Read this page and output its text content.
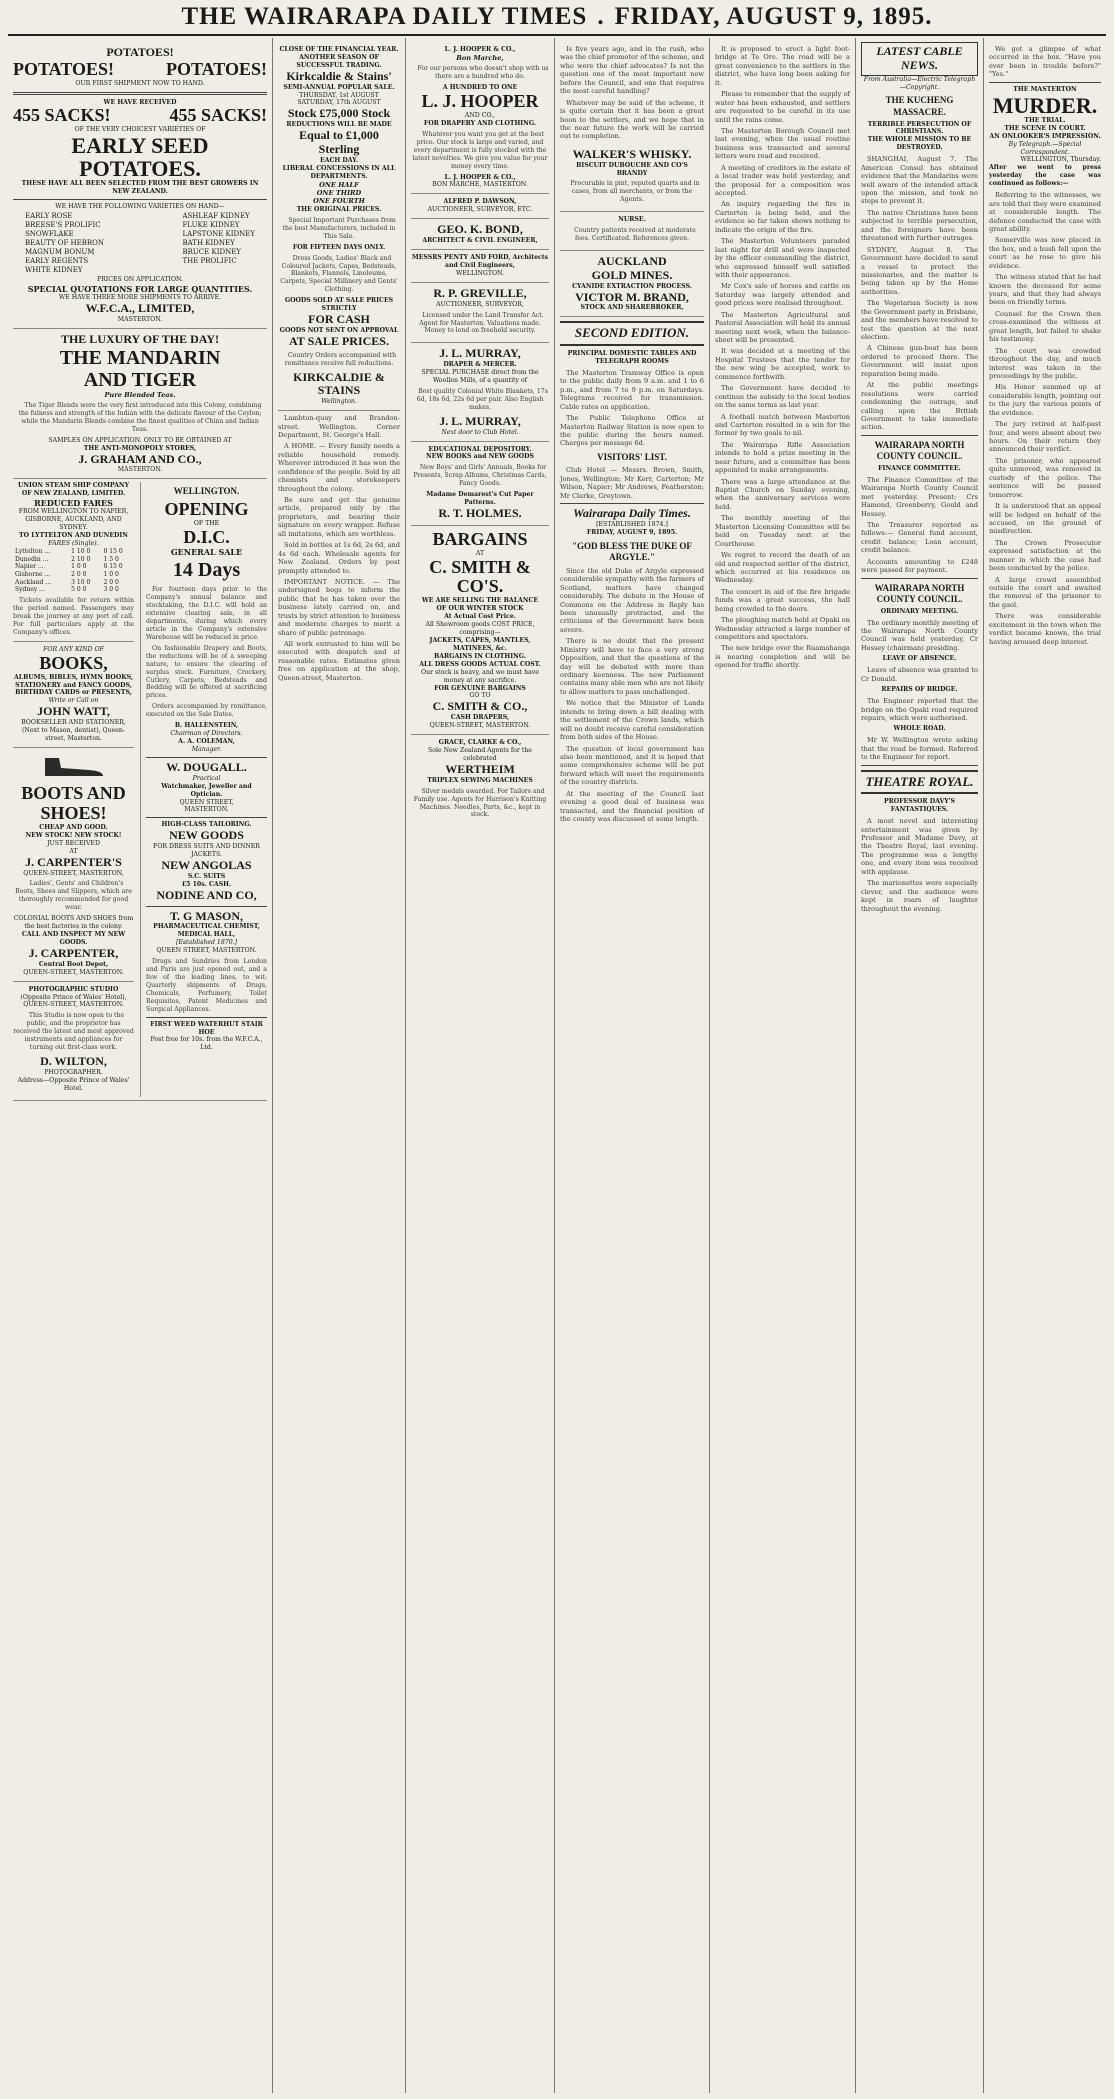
THE WAIRARAPA DAILY TIMES . FRIDAY, AUGUST 9, 1895.
POTATOES!
POTATOES!	POTATOES!
OUR FIRST SHIPMENT NOW TO HAND.
WE HAVE RECEIVED
455 SACKS!	455 SACKS!
OF THE VERY CHOICEST VARIETIES OF
EARLY SEED POTATOES.
THESE HAVE ALL BEEN SELECTED FROM THE BEST GROWERS IN NEW ZEALAND.
WE HAVE THE FOLLOWING VARIETIES ON HAND—
EARLY ROSE
BREESE'S PROLIFIC
SNOWFLAKE
BEAUTY OF HEBRON
MAGNUM BONUM
EARLY REGENTS
WHITE KIDNEY
ASHLEAF KIDNEY
FLUKE KIDNEY
LAPSTONE KIDNEY
BATH KIDNEY
BRUCE KIDNEY
THE PROLIFIC
PRICES ON APPLICATION.
SPECIAL QUOTATIONS FOR LARGE QUANTITIES.
WE HAVE THREE MORE SHIPMENTS TO ARRIVE.
W.F.C.A., LIMITED,
MASTERTON.
THE LUXURY OF THE DAY!
THE MANDARIN
AND TIGER
Pure Blended Teas.

The Tiger Blends were the very first introduced into this Colony, combining the fulness and strength of the Indian with the delicate flavour of the Ceylon; while the Mandarin Blends combine the finest qualities of China and Indian Teas.

SAMPLES ON APPLICATION. ONLY TO BE OBTAINED AT
THE ANTI-MONOPOLY STORES,
J. GRAHAM AND CO.,
MASTERTON.
UNION STEAM SHIP COMPANY OF NEW ZEALAND, LIMITED.
REDUCED FARES
FROM WELLINGTON TO NAPIER, GISBORNE, AUCKLAND, AND SYDNEY.
TO LYTTELTON AND DUNEDIN
FARES (Single).
Lyttelton ...	1 10 0	0 15 0
Dunedin ...	2 10 0	1 5 0
Napier ...	1 0 0	0 15 0
Gisborne ...	2 0 0	1 0 0
Auckland ...	3 10 0	2 0 0
Sydney ...	5 0 0	3 0 0

Tickets available for return within the period named. Passengers may break the journey at any port of call. For full particulars apply at the Company's offices.

FOR ANY KIND OF
BOOKS,
ALBUMS, BIBLES, HYMN BOOKS, STATIONERY and FANCY GOODS, BIRTHDAY CARDS or PRESENTS,
Write or Call on
JOHN WATT,
BOOKSELLER AND STATIONER,
(Next to Mason, dentist), Queen-street, Masterton.
BOOTS AND SHOES!
CHEAP AND GOOD.
NEW STOCK! NEW STOCK!
JUST RECEIVED
AT
J. CARPENTER'S
QUEEN-STREET, MASTERTON,

Ladies', Gents' and Children's Boots, Shoes and Slippers, which are thoroughly recommended for good wear.

COLONIAL BOOTS AND SHOES from the best factories in the colony.
CALL AND INSPECT MY NEW GOODS.
J. CARPENTER,
Central Boot Depot,
QUEEN-STREET, MASTERTON.
PHOTOGRAPHIC STUDIO
(Opposite Prince of Wales' Hotel), QUEEN-STREET, MASTERTON.

This Studio is now open to the public, and the proprietor has received the latest and most approved instruments and appliances for turning out first-class work.

D. WILTON,
PHOTOGRAPHER.
Address—Opposite Prince of Wales' Hotel.
WELLINGTON.
OPENING
OF THE
D.I.C.
GENERAL SALE
14 Days

For fourteen days prior to the Company's annual balance and stocktaking, the D.I.C. will hold an extensive clearing sale, in all departments, during which every article in the Company's extensive Warehouse will be reduced in price.

On fashionable Drapery and Boots, the reductions will be of a sweeping nature, to ensure the clearing of surplus stock. Furniture, Crockery, Cutlery, Carpets, Bedsteads and Bedding will be offered at sacrificing prices.

Orders accompanied by remittance, executed on the Sale Dates.

B. HALLENSTEIN,
Chairman of Directors.
A. A. COLEMAN,
Manager.
W. DOUGALL.
Practical
Watchmaker, Jeweller and Optician.
QUEEN STREET,
MASTERTON.
HIGH-CLASS TAILORING.
NEW GOODS
FOR DRESS SUITS AND DINNER JACKETS.
NEW ANGOLAS
S.C. SUITS
£5 10s. CASH.
NODINE AND CO,
T. G MASON,
PHARMACEUTICAL CHEMIST,
MEDICAL HALL,
[Established 1870.]
QUEEN STREET, MASTERTON.

Drugs and Sundries from London and Paris are just opened out, and a few of the leading lines, to wit: Quarterly shipments of Drugs, Chemicals, Perfumery, Toilet Requisites, Patent Medicines and Surgical Appliances.

FIRST WEED WATERHUT STAIR HOE
Post free for 10s. from the W.F.C.A., Ltd.
CLOSE OF THE FINANCIAL YEAR.
ANOTHER SEASON OF SUCCESSFUL TRADING.
Kirkcaldie & Stains'
SEMI-ANNUAL POPULAR SALE.
THURSDAY, 1st AUGUST
SATURDAY, 17th AUGUST
Stock £75,000 Stock
REDUCTIONS WILL BE MADE
Equal to £1,000 Sterling
EACH DAY.
LIBERAL CONCESSIONS IN ALL DEPARTMENTS.
ONE HALF
ONE THIRD
ONE FOURTH
THE ORIGINAL PRICES.

Special Important Purchases from the best Manufacturers, included in This Sale.

FOR FIFTEEN DAYS ONLY.

Dress Goods, Ladies' Black and Coloured Jackets, Capes, Bedsteads, Blankets, Flannels, Linoleums, Carpets, Special Millinery and Gents' Clothing.

GOODS SOLD AT SALE PRICES STRICTLY
FOR CASH
GOODS NOT SENT ON APPROVAL
AT SALE PRICES.

Country Orders accompanied with remittance receive full reductions.

KIRKCALDIE & STAINS
Wellington.

Lambton-quay and Brandon-street. Wellington. Corner Department, St. George's Hall.

A HOME. — Every family needs a reliable household remedy. Wherever introduced it has won the confidence of the people. Sold by all chemists and storekeepers throughout the colony.

Be sure and get the genuine article, prepared only by the proprietors, and bearing their signature on every wrapper. Refuse all imitations, which are worthless.

Sold in bottles at 1s 6d, 2s 6d, and 4s 6d each. Wholesale agents for New Zealand. Orders by post promptly attended to.

IMPORTANT NOTICE. — The undersigned begs to inform the public that he has taken over the business lately carried on, and trusts by strict attention to business and moderate charges to merit a share of public patronage.

All work entrusted to him will be executed with despatch and at reasonable rates. Estimates given free on application at the shop, Queen-street, Masterton.

L. J. HOOPER & CO.,
Bon Marche,

For our persons who doesn't shop with us there are a hundred who do.

A HUNDRED TO ONE
L. J. HOOPER
AND CO.,
FOR DRAPERY AND CLOTHING.

Whatever you want you get at the best price. Our stock is large and varied, and every department is fully stocked with the latest novelties. We give you value for your money every time.

L. J. HOOPER & CO.,
BON MARCHE, MASTERTON.
ALFRED P. DAWSON,
AUCTIONEER, SURVEYOR, ETC.
GEO. K. BOND,
ARCHITECT & CIVIL ENGINEER,
MESSRS PENTY AND FORD, Architects and Civil Engineers,
WELLINGTON.
R. P. GREVILLE,
AUCTIONEER, SURVEYOR,

Licensed under the Land Transfer Act. Agent for Masterton. Valuations made. Money to lend on freehold security.

J. L. MURRAY,
DRAPER & MERCER.
SPECIAL PURCHASE direct from the Woollen Mills, of a quantity of

Best quality Colonial White Blankets, 17s 6d, 18s 6d, 22s 6d per pair. Also English makes.

J. L. MURRAY,
Next door to Club Hotel.
EDUCATIONAL DEPOSITORY.
NEW BOOKS and NEW GOODS

New Boys' and Girls' Annuals, Books for Presents, Scrap Albums, Christmas Cards, Fancy Goods.

Madame Demarest's Cut Paper Patterns.
R. T. HOLMES.
BARGAINS
AT
C. SMITH & CO'S.
WE ARE SELLING THE BALANCE
OF OUR WINTER STOCK
At Actual Cost Price.
All Showroom goods COST PRICE, comprising—
JACKETS, CAPES, MANTLES, MATINEES, &c.
BARGAINS IN CLOTHING.
ALL DRESS GOODS ACTUAL COST.
Our stock is heavy, and we must have money at any sacrifice.
FOR GENUINE BARGAINS
GO TO
C. SMITH & CO.,
CASH DRAPERS,
QUEEN-STREET, MASTERTON.
GRACE, CLARKE & CO.,
Sole New Zealand Agents for the celebrated
WERTHEIM
TRIPLEX SEWING MACHINES

Silver medals awarded. For Tailors and Family use. Agents for Harrison's Knitting Machines. Needles, Parts, &c., kept in stock.

Is five years ago, and in the rush, who was the chief promoter of the scheme, and who were the chief advocates? Is not the question one of the most important now before the Council, and one that requires the most careful handling?

Whatever may be said of the scheme, it is quite certain that it has been a great boon to the settlers, and we hope that in the near future the work will be carried out to completion.

WALKER'S WHISKY.
BISCUIT DUBOUCHE AND CO'S BRANDY

Procurable in pint, reputed quarts and in cases, from all merchants, or from the Agents.

NURSE.

Country patients received at moderate fees. Certificated. References given.

AUCKLAND
GOLD MINES.
CYANIDE EXTRACTION PROCESS.
VICTOR M. BRAND,
STOCK AND SHAREBROKER,
SECOND EDITION.
PRINCIPAL DOMESTIC TABLES AND TELEGRAPH ROOMS

The Masterton Tramway Office is open to the public daily from 9 a.m. and 1 to 6 p.m., and from 7 to 9 p.m. on Saturdays. Telegrams received for transmission. Cable rates on application.

The Public Telephone Office at Masterton Railway Station is now open to the public during the hours named. Charges per message 6d.

VISITORS' LIST.

Club Hotel — Messrs. Brown, Smith, Jones, Wellington; Mr Kerr, Carterton; Mr Wilson, Napier; Mr Andrews, Featherston; Mr Clarke, Greytown.

Wairarapa Daily Times.
[ESTABLISHED 1874.]
FRIDAY, AUGUST 9, 1895.
"GOD BLESS THE DUKE OF ARGYLE."

Since the old Duke of Argyle expressed considerable sympathy with the farmers of Scotland, matters have changed considerably. The debate in the House of Commons on the Address in Reply has been unusually protracted, and the criticisms of the Government have been severe.

There is no doubt that the present Ministry will have to face a very strong Opposition, and that the questions of the day will be debated with more than ordinary keenness. The new Parliament contains many able men who are not likely to allow matters to pass unchallenged.

We notice that the Minister of Lands intends to bring down a bill dealing with the settlement of the Crown lands, which will no doubt receive careful consideration from both sides of the House.

The question of local government has also been mentioned, and it is hoped that some comprehensive scheme will be put forward which will meet the requirements of the country districts.

At the meeting of the Council last evening a good deal of business was transacted, and the financial position of the county was discussed at some length.

It is proposed to erect a light foot-bridge at Te Ore. The road will be a great convenience to the settlers in the district, who have long been asking for it.

Please to remember that the supply of water has been exhausted, and settlers are requested to be careful in its use until the rains come.

The Masterton Borough Council met last evening, when the usual routine business was transacted and several letters were read and received.

A meeting of creditors in the estate of a local trader was held yesterday, and the proposal for a composition was accepted.

An inquiry regarding the fire in Carterton is being held, and the evidence so far taken shows nothing to indicate the origin of the fire.

The Masterton Volunteers paraded last night for drill and were inspected by the officer commanding the district, who expressed himself well satisfied with their appearance.

Mr Cox's sale of horses and cattle on Saturday was largely attended and good prices were realised throughout.

The Masterton Agricultural and Pastoral Association will hold its annual meeting next week, when the balance-sheet will be presented.

It was decided at a meeting of the Hospital Trustees that the tender for the new wing be accepted, work to commence forthwith.

The Government have decided to continue the subsidy to the local bodies on the same terms as last year.

A football match between Masterton and Carterton resulted in a win for the former by two goals to nil.

The Wairarapa Rifle Association intends to hold a prize meeting in the near future, and a committee has been appointed to make arrangements.

There was a large attendance at the Baptist Church on Sunday evening, when the anniversary services were held.

The monthly meeting of the Masterton Licensing Committee will be held on Tuesday next at the Courthouse.

We regret to record the death of an old and respected settler of the district, which occurred at his residence on Wednesday.

The concert in aid of the fire brigade funds was a great success, the hall being crowded to the doors.

The ploughing match held at Opaki on Wednesday attracted a large number of competitors and spectators.

The new bridge over the Ruamahanga is nearing completion and will be opened for traffic shortly.

LATEST CABLE NEWS.
From Australia—Electric Telegraph—Copyright.
THE KUCHENG MASSACRE.
TERRIBLE PERSECUTION OF CHRISTIANS.
THE WHOLE MISSION TO BE DESTROYED.

SHANGHAI, August 7. The American Consul has obtained evidence that the Mandarins were well aware of the intended attack upon the mission, and took no steps to prevent it.

The native Christians have been subjected to terrible persecution, and the foreigners have been threatened with further outrages.

SYDNEY, August 8. The Government have decided to send a vessel to protect the missionaries, and the matter is being taken up by the Home authorities.

The Vegetarian Society is now the Government party in Brisbane, and the members have resolved to test the question at the next election.

A Chinese gun-boat has been ordered to proceed there. The Government will insist upon reparation being made.

At the public meetings resolutions were carried condemning the outrage, and calling upon the British Government to take immediate action.

WAIRARAPA NORTH COUNTY COUNCIL.
FINANCE COMMITTEE.

The Finance Committee of the Wairarapa North County Council met yesterday. Present: Crs Hamond, Greenberry, Gould and Hessey.

The Treasurer reported as follows:— General fund account, credit balance; Loan account, credit balance.

Accounts amounting to £248 were passed for payment.

WAIRARAPA NORTH COUNTY COUNCIL.
ORDINARY MEETING.

The ordinary monthly meeting of the Wairarapa North County Council was held yesterday, Cr Hessey (chairman) presiding.

LEAVE OF ABSENCE.

Leave of absence was granted to Cr Donald.

REPAIRS OF BRIDGE.

The Engineer reported that the bridge on the Opaki road required repairs, which were authorised.

WHOLE ROAD.

Mr W. Wellington wrote asking that the road be formed. Referred to the Engineer for report.

THEATRE ROYAL.
PROFESSOR DAVY'S FANTASTIQUES.

A most novel and interesting entertainment was given by Professor and Madame Davy, at the Theatre Royal, last evening. The programme was a lengthy one, and every item was received with applause.

The marionettes were especially clever, and the audience were kept in roars of laughter throughout the evening.

We got a glimpse of what occurred in the box. "Have you ever been in trouble before?" "Yes."

THE MASTERTON
MURDER.
THE TRIAL.
THE SCENE IN COURT.
AN ONLOOKER'S IMPRESSION.
By Telegraph.—Special Correspondent.
WELLINGTON, Thursday.
After we went to press yesterday the case was continued as follows:—

Referring to the witnesses, we are told that they were examined at considerable length. The defence conducted the case with great ability.

Somerville was now placed in the box, and a hush fell upon the court as he rose to give his evidence.

The witness stated that he had known the deceased for some years, and that they had always been on friendly terms.

Counsel for the Crown then cross-examined the witness at great length, but failed to shake his testimony.

The court was crowded throughout the day, and much interest was taken in the proceedings by the public.

His Honor summed up at considerable length, pointing out to the jury the various points of the evidence.

The jury retired at half-past four, and were absent about two hours. On their return they announced their verdict.

The prisoner, who appeared quite unmoved, was removed in custody of the police. The sentence will be passed tomorrow.

It is understood that an appeal will be lodged on behalf of the accused, on the ground of misdirection.

The Crown Prosecutor expressed satisfaction at the manner in which the case had been conducted by the police.

A large crowd assembled outside the court and awaited the removal of the prisoner to the gaol.

There was considerable excitement in the town when the verdict became known, the trial having aroused deep interest.
